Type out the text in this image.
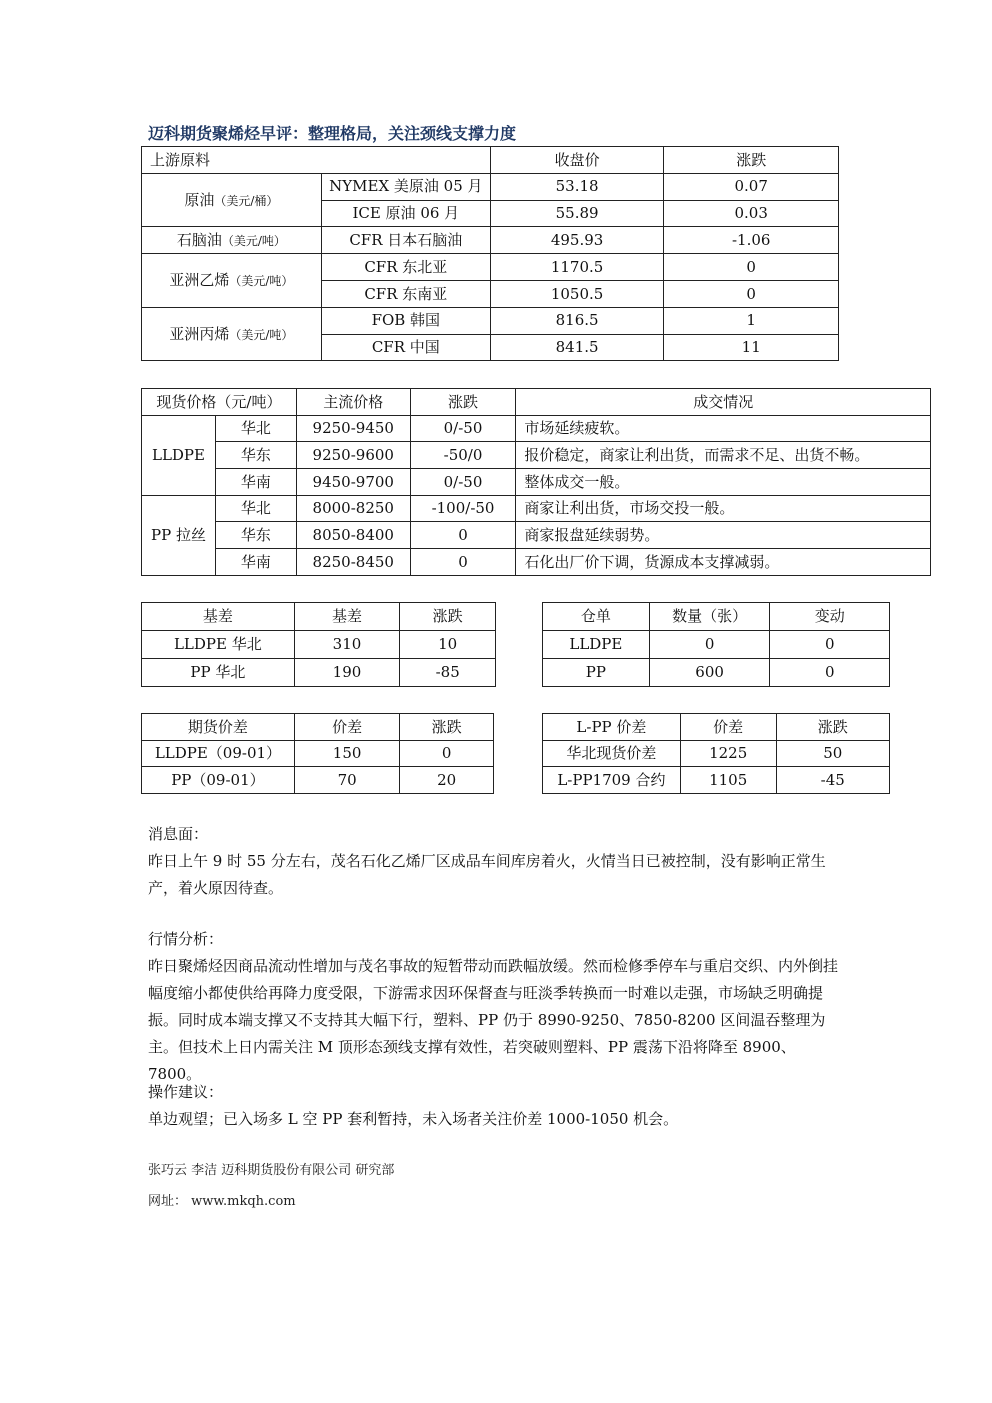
迈科期货聚烯烃早评：整理格局，关注颈线支撑力度
上游原料		收盘价	涨跌
原油（美元/桶）	NYMEX 美原油 05 月	53.18	0.07
	ICE 原油 06 月	55.89	0.03
石脑油（美元/吨）	CFR 日本石脑油	495.93	-1.06
亚洲乙烯（美元/吨）	CFR 东北亚	1170.5	0
	CFR 东南亚	1050.5	0
亚洲丙烯（美元/吨）	FOB 韩国	816.5	1
	CFR 中国	841.5	11
现货价格（元/吨）		主流价格	涨跌	成交情况
LLDPE	华北	9250-9450	0/-50	市场延续疲软。
	华东	9250-9600	-50/0	报价稳定，商家让利出货，而需求不足、出货不畅。
	华南	9450-9700	0/-50	整体成交一般。
PP 拉丝	华北	8000-8250	-100/-50	商家让利出货，市场交投一般。
	华东	8050-8400	0	商家报盘延续弱势。
	华南	8250-8450	0	石化出厂价下调，货源成本支撑减弱。
基差	基差	涨跌
LLDPE 华北	310	10
PP 华北	190	-85
仓单	数量（张）	变动
LLDPE	0	0
PP	600	0
期货价差	价差	涨跌
LLDPE（09-01）	150	0
PP（09-01）	70	20
L-PP 价差	价差	涨跌
华北现货价差	1225	50
L-PP1709 合约	1105	-45
消息面：
昨日上午 9 时 55 分左右，茂名石化乙烯厂区成品车间库房着火，火情当日已被控制，没有影响正常生产，着火原因待查。
行情分析：
昨日聚烯烃因商品流动性增加与茂名事故的短暂带动而跌幅放缓。然而检修季停车与重启交织、内外倒挂幅度缩小都使供给再降力度受限，下游需求因环保督查与旺淡季转换而一时难以走强，市场缺乏明确提振。同时成本端支撑又不支持其大幅下行，塑料、PP 仍于 8990-9250、7850-8200 区间温吞整理为主。但技术上日内需关注 M 顶形态颈线支撑有效性，若突破则塑料、PP 震荡下沿将降至 8900、7800。
操作建议：
单边观望；已入场多 L 空 PP 套利暂持，未入场者关注价差 1000-1050 机会。
张巧云 李洁 迈科期货股份有限公司 研究部
网址： www.mkqh.com
